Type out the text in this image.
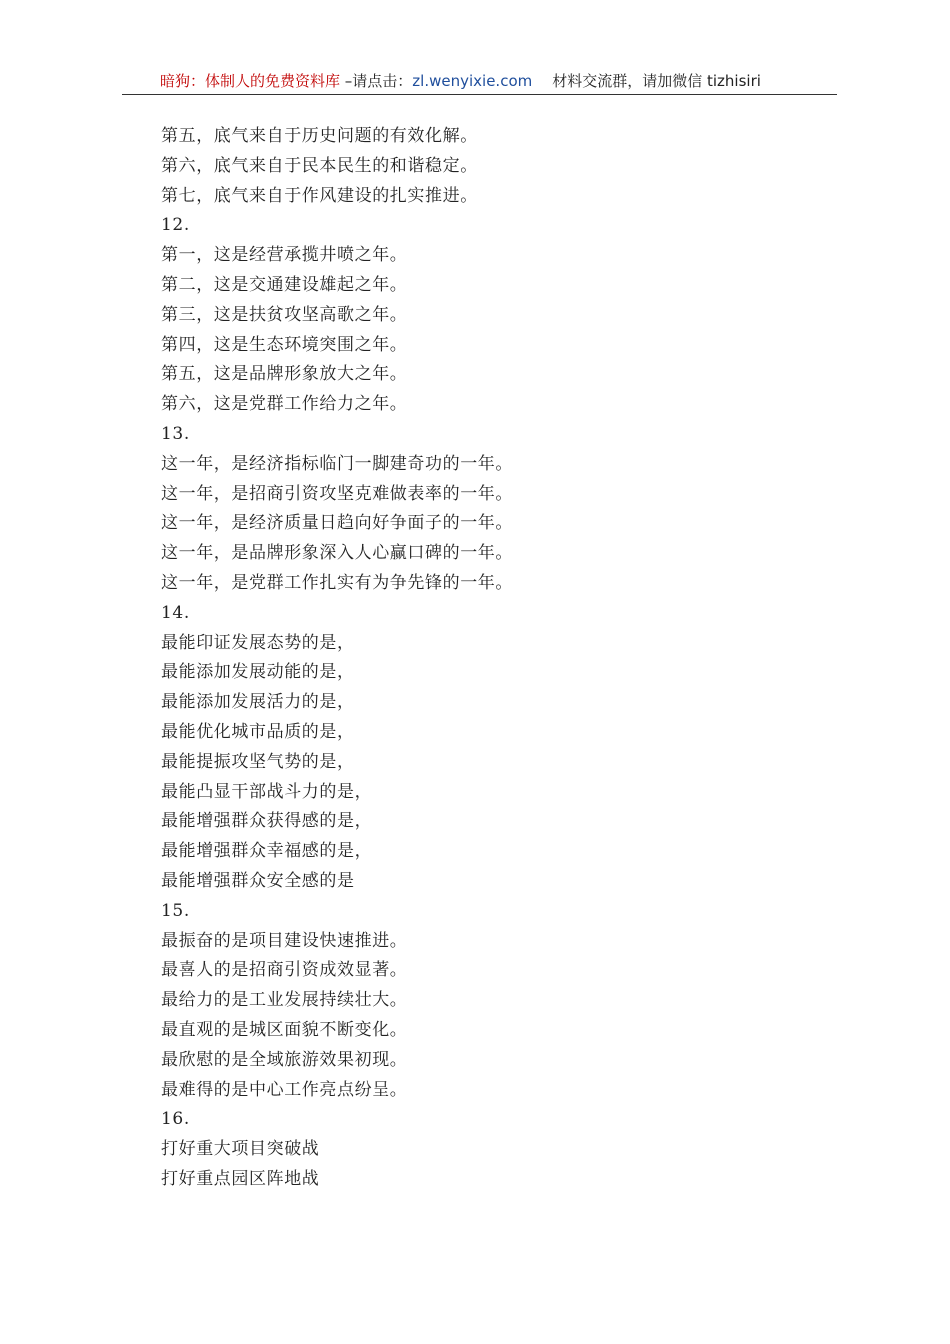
暗狗：体制人的免费资料库 –请点击：zl.wenyixie.com 材料交流群，请加微信 tizhisiri
第五，底气来自于历史问题的有效化解。
第六，底气来自于民本民生的和谐稳定。
第七，底气来自于作风建设的扎实推进。
12.
第一，这是经营承揽井喷之年。
第二，这是交通建设雄起之年。
第三，这是扶贫攻坚高歌之年。
第四，这是生态环境突围之年。
第五，这是品牌形象放大之年。
第六，这是党群工作给力之年。
13.
这一年，是经济指标临门一脚建奇功的一年。
这一年，是招商引资攻坚克难做表率的一年。
这一年，是经济质量日趋向好争面子的一年。
这一年，是品牌形象深入人心赢口碑的一年。
这一年，是党群工作扎实有为争先锋的一年。
14.
最能印证发展态势的是，
最能添加发展动能的是，
最能添加发展活力的是，
最能优化城市品质的是，
最能提振攻坚气势的是，
最能凸显干部战斗力的是，
最能增强群众获得感的是，
最能增强群众幸福感的是，
最能增强群众安全感的是
15.
最振奋的是项目建设快速推进。
最喜人的是招商引资成效显著。
最给力的是工业发展持续壮大。
最直观的是城区面貌不断变化。
最欣慰的是全域旅游效果初现。
最难得的是中心工作亮点纷呈。
16.
打好重大项目突破战
打好重点园区阵地战
